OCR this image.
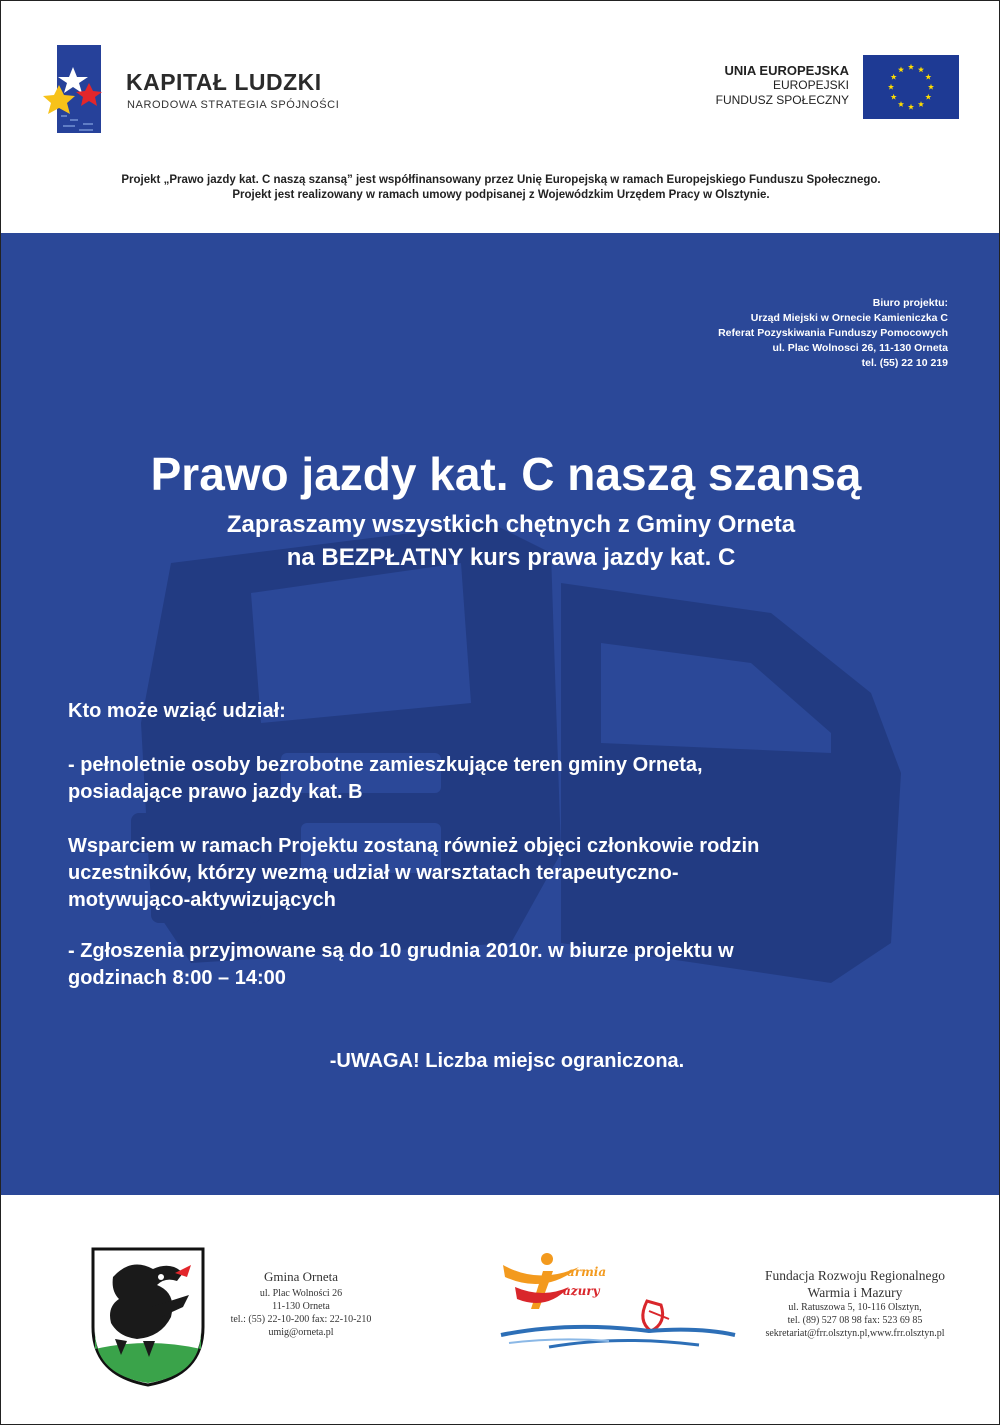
KAPITAŁ LUDZKI
NARODOWA STRATEGIA SPÓJNOŚCI
UNIA EUROPEJSKA
EUROPEJSKI
FUNDUSZ SPOŁECZNY
Projekt „Prawo jazdy kat. C naszą szansą” jest współfinansowany przez Unię Europejską w ramach Europejskiego Funduszu Społecznego.
Projekt jest realizowany w ramach umowy podpisanej z Wojewódzkim Urzędem Pracy w Olsztynie.
Biuro projektu:
Urząd Miejski w Ornecie Kamieniczka C
Referat Pozyskiwania Funduszy Pomocowych
ul. Plac Wolnosci 26, 11-130 Orneta
tel. (55) 22 10 219
Prawo jazdy kat. C naszą szansą
Zapraszamy wszystkich chętnych z Gminy Orneta
na BEZPŁATNY kurs prawa jazdy kat. C

Kto może wziąć udział:

- pełnoletnie osoby bezrobotne zamieszkujące teren gminy Orneta,
posiadające prawo jazdy kat. B

Wsparciem w ramach Projektu zostaną również objęci członkowie rodzin
uczestników, którzy wezmą udział w warsztatach terapeutyczno-
motywująco-aktywizujących

- Zgłoszenia przyjmowane są do 10 grudnia 2010r. w biurze projektu w
godzinach 8:00 – 14:00

-UWAGA! Liczba miejsc ograniczona.
Gmina Orneta
ul. Plac Wolności 26
11-130 Orneta
tel.: (55) 22-10-200 fax: 22-10-210
umig@orneta.pl
armia
azury
Fundacja Rozwoju Regionalnego
Warmia i Mazury
ul. Ratuszowa 5, 10-116 Olsztyn,
tel. (89) 527 08 98 fax: 523 69 85
sekretariat@frr.olsztyn.pl,www.frr.olsztyn.pl
